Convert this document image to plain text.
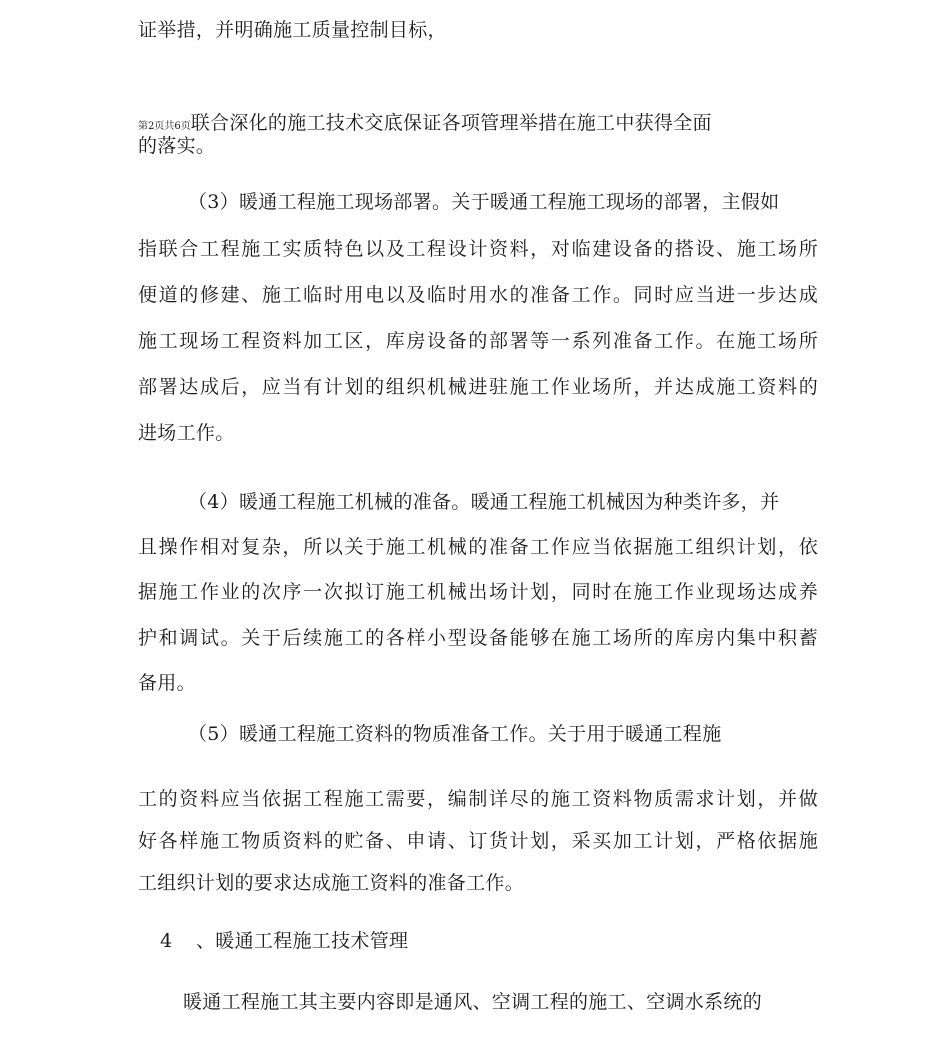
证举措，并明确施工质量控制目标，
第2页共6页联合深化的施工技术交底保证各项管理举措在施工中获得全面
的落实。
（3）暖通工程施工现场部署。关于暖通工程施工现场的部署，主假如
指联合工程施工实质特色以及工程设计资料，对临建设备的搭设、施工场所
便道的修建、施工临时用电以及临时用水的准备工作。同时应当进一步达成
施工现场工程资料加工区，库房设备的部署等一系列准备工作。在施工场所
部署达成后，应当有计划的组织机械进驻施工作业场所，并达成施工资料的
进场工作。
（4）暖通工程施工机械的准备。暖通工程施工机械因为种类许多，并
且操作相对复杂，所以关于施工机械的准备工作应当依据施工组织计划，依
据施工作业的次序一次拟订施工机械出场计划，同时在施工作业现场达成养
护和调试。关于后续施工的各样小型设备能够在施工场所的库房内集中积蓄
备用。
（5）暖通工程施工资料的物质准备工作。关于用于暖通工程施
工的资料应当依据工程施工需要，编制详尽的施工资料物质需求计划，并做
好各样施工物质资料的贮备、申请、订货计划，采买加工计划，严格依据施
工组织计划的要求达成施工资料的准备工作。
4 、暖通工程施工技术管理
暖通工程施工其主要内容即是通风、空调工程的施工、空调水系统的
